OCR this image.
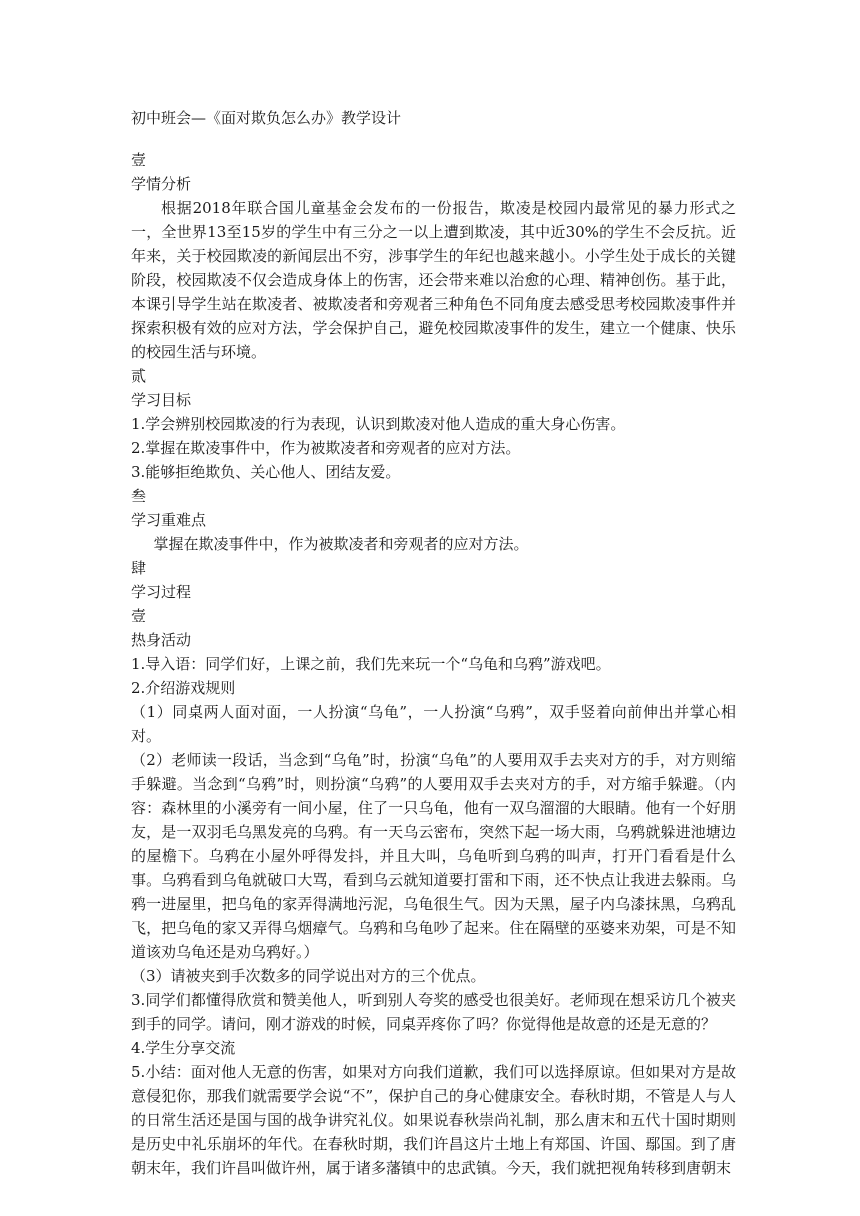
初中班会—《面对欺负怎么办》教学设计
壹
学情分析
根据2018年联合国儿童基金会发布的一份报告，欺凌是校园内最常见的暴力形式之一，全世界13至15岁的学生中有三分之一以上遭到欺凌，其中近30%的学生不会反抗。近年来，关于校园欺凌的新闻层出不穷，涉事学生的年纪也越来越小。小学生处于成长的关键阶段，校园欺凌不仅会造成身体上的伤害，还会带来难以治愈的心理、精神创伤。基于此，本课引导学生站在欺凌者、被欺凌者和旁观者三种角色不同角度去感受思考校园欺凌事件并探索积极有效的应对方法，学会保护自己，避免校园欺凌事件的发生，建立一个健康、快乐的校园生活与环境。
贰
学习目标
1.学会辨别校园欺凌的行为表现，认识到欺凌对他人造成的重大身心伤害。
2.掌握在欺凌事件中，作为被欺凌者和旁观者的应对方法。
3.能够拒绝欺负、关心他人、团结友爱。
叁
学习重难点
掌握在欺凌事件中，作为被欺凌者和旁观者的应对方法。
肆
学习过程
壹
热身活动
1.导入语：同学们好，上课之前，我们先来玩一个“乌龟和乌鸦”游戏吧。
2.介绍游戏规则
（1）同桌两人面对面，一人扮演“乌龟”，一人扮演“乌鸦”，双手竖着向前伸出并掌心相对。
（2）老师读一段话，当念到“乌龟”时，扮演“乌龟”的人要用双手去夹对方的手，对方则缩手躲避。当念到“乌鸦”时，则扮演“乌鸦”的人要用双手去夹对方的手，对方缩手躲避。（内容：森林里的小溪旁有一间小屋，住了一只乌龟，他有一双乌溜溜的大眼睛。他有一个好朋友，是一双羽毛乌黑发亮的乌鸦。有一天乌云密布，突然下起一场大雨，乌鸦就躲进池塘边的屋檐下。乌鸦在小屋外呼得发抖，并且大叫，乌龟听到乌鸦的叫声，打开门看看是什么事。乌鸦看到乌龟就破口大骂，看到乌云就知道要打雷和下雨，还不快点让我进去躲雨。乌鸦一进屋里，把乌龟的家弄得满地污泥，乌龟很生气。因为天黑，屋子内乌漆抹黑，乌鸦乱飞，把乌龟的家又弄得乌烟瘴气。乌鸦和乌龟吵了起来。住在隔壁的巫婆来劝架，可是不知道该劝乌龟还是劝乌鸦好。）
（3）请被夹到手次数多的同学说出对方的三个优点。
3.同学们都懂得欣赏和赞美他人，听到别人夸奖的感受也很美好。老师现在想采访几个被夹到手的同学。请问，刚才游戏的时候，同桌弄疼你了吗？你觉得他是故意的还是无意的？
4.学生分享交流
5.小结：面对他人无意的伤害，如果对方向我们道歉，我们可以选择原谅。但如果对方是故意侵犯你，那我们就需要学会说“不”，保护自己的身心健康安全。春秋时期，不管是人与人的日常生活还是国与国的战争讲究礼仪。如果说春秋崇尚礼制，那么唐末和五代十国时期则是历史中礼乐崩坏的年代。在春秋时期，我们许昌这片土地上有郑国、许国、鄢国。到了唐朝末年，我们许昌叫做许州，属于诸多藩镇中的忠武镇。今天，我们就把视角转移到唐朝末
